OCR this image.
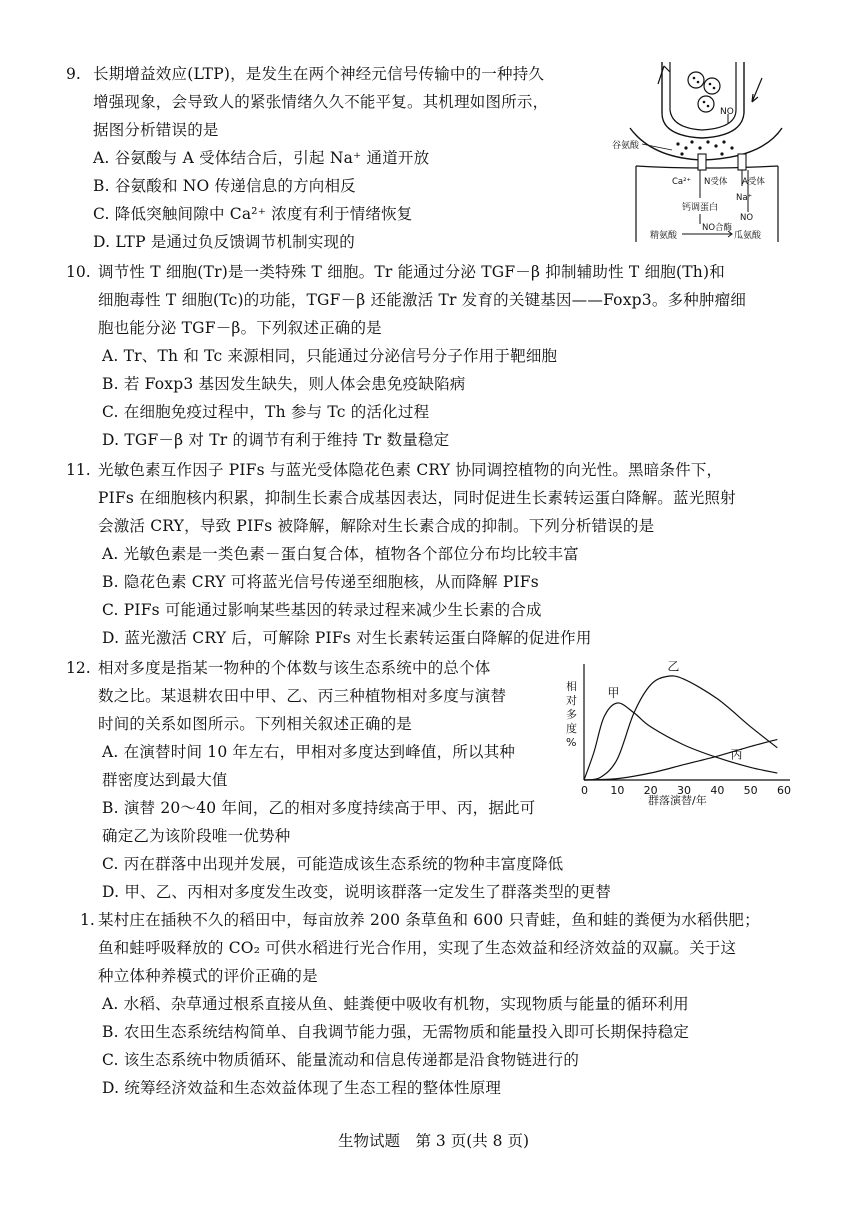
9. 长期增益效应(LTP)，是发生在两个神经元信号传输中的一种持久
增强现象，会导致人的紧张情绪久久不能平复。其机理如图所示，
据图分析错误的是
A. 谷氨酸与 A 受体结合后，引起 Na⁺ 通道开放
B. 谷氨酸和 NO 传递信息的方向相反
C. 降低突触间隙中 Ca²⁺ 浓度有利于情绪恢复
D. LTP 是通过负反馈调节机制实现的
NO
谷氨酸
Ca²⁺ N受体 A受体
Na⁺
钙调蛋白
NO
NO合酶
精氨酸	瓜氨酸
10. 调节性 T 细胞(Tr)是一类特殊 T 细胞。Tr 能通过分泌 TGF－β 抑制辅助性 T 细胞(Th)和
细胞毒性 T 细胞(Tc)的功能，TGF－β 还能激活 Tr 发育的关键基因——Foxp3。多种肿瘤细
胞也能分泌 TGF－β。下列叙述正确的是
A. Tr、Th 和 Tc 来源相同，只能通过分泌信号分子作用于靶细胞
B. 若 Foxp3 基因发生缺失，则人体会患免疫缺陷病
C. 在细胞免疫过程中，Th 参与 Tc 的活化过程
D. TGF－β 对 Tr 的调节有利于维持 Tr 数量稳定
11. 光敏色素互作因子 PIFs 与蓝光受体隐花色素 CRY 协同调控植物的向光性。黑暗条件下，
PIFs 在细胞核内积累，抑制生长素合成基因表达，同时促进生长素转运蛋白降解。蓝光照射
会激活 CRY，导致 PIFs 被降解，解除对生长素合成的抑制。下列分析错误的是
A. 光敏色素是一类色素－蛋白复合体，植物各个部位分布均比较丰富
B. 隐花色素 CRY 可将蓝光信号传递至细胞核，从而降解 PIFs
C. PIFs 可能通过影响某些基因的转录过程来减少生长素的合成
D. 蓝光激活 CRY 后，可解除 PIFs 对生长素转运蛋白降解的促进作用
12. 相对多度是指某一物种的个体数与该生态系统中的总个体
数之比。某退耕农田中甲、乙、丙三种植物相对多度与演替
时间的关系如图所示。下列相关叙述正确的是
A. 在演替时间 10 年左右，甲相对多度达到峰值，所以其种
群密度达到最大值
B. 演替 20～40 年间，乙的相对多度持续高于甲、丙，据此可
确定乙为该阶段唯一优势种
C. 丙在群落中出现并发展，可能造成该生态系统的物种丰富度降低
D. 甲、乙、丙相对多度发生改变，说明该群落一定发生了群落类型的更替
相对多度%
0 10 20 30 40 50 60
甲
乙
丙
群落演替/年
1. 某村庄在插秧不久的稻田中，每亩放养 200 条草鱼和 600 只青蛙，鱼和蛙的粪便为水稻供肥；
鱼和蛙呼吸释放的 CO₂ 可供水稻进行光合作用，实现了生态效益和经济效益的双赢。关于这
种立体种养模式的评价正确的是
A. 水稻、杂草通过根系直接从鱼、蛙粪便中吸收有机物，实现物质与能量的循环利用
B. 农田生态系统结构简单、自我调节能力强，无需物质和能量投入即可长期保持稳定
C. 该生态系统中物质循环、能量流动和信息传递都是沿食物链进行的
D. 统筹经济效益和生态效益体现了生态工程的整体性原理
生物试题　第 3 页(共 8 页)
